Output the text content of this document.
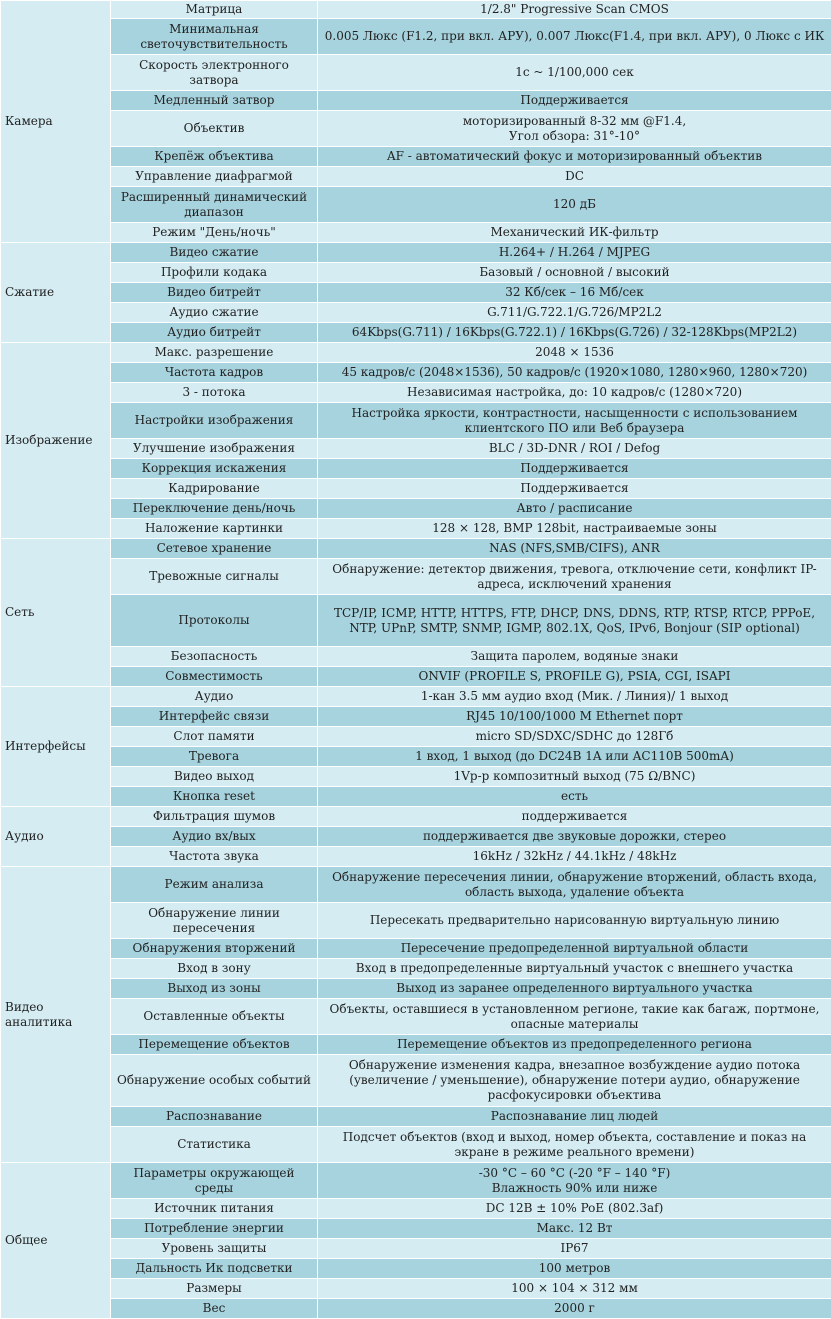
Камера	Матрица	1/2.8" Progressive Scan CMOS
	Минимальная светочувствительность	0.005 Люкс (F1.2, при вкл. АРУ), 0.007 Люкс(F1.4, при вкл. АРУ), 0 Люкс с ИК
	Скорость электронного затвора	1с ~ 1/100,000 сек
	Медленный затвор	Поддерживается
	Объектив	моторизированный 8-32 мм @F1.4,
Угол обзора: 31°-10°
	Крепёж объектива	AF - автоматический фокус и моторизированный объектив
	Управление диафрагмой	DC
	Расширенный динамический диапазон	120 дБ
	Режим "День/ночь"	Механический ИК-фильтр
Сжатие	Видео сжатие	H.264+ / H.264 / MJPEG
	Профили кодака	Базовый / основной / высокий
	Видео битрейт	32 Кб/сек – 16 Мб/сек
	Аудио сжатие	G.711/G.722.1/G.726/MP2L2
	Аудио битрейт	64Kbps(G.711) / 16Kbps(G.722.1) / 16Kbps(G.726) / 32-128Kbps(MP2L2)
Изображение	Макс. разрешение	2048 × 1536
	Частота кадров	45 кадров/с (2048×1536), 50 кадров/с (1920×1080, 1280×960, 1280×720)
	3 - потока	Независимая настройка, до: 10 кадров/с (1280×720)
	Настройки изображения	Настройка яркости, контрастности, насыщенности с использованием клиентского ПО или Веб браузера
	Улучшение изображения	BLC / 3D-DNR / ROI / Defog
	Коррекция искажения	Поддерживается
	Кадрирование	Поддерживается
	Переключение день/ночь	Авто / расписание
	Наложение картинки	128 × 128, BMP 128bit, настраиваемые зоны
Сеть	Сетевое хранение	NAS (NFS,SMB/CIFS), ANR
	Тревожные сигналы	Обнаружение: детектор движения, тревога, отключение сети, конфликт IP-адреса, исключений хранения
	Протоколы	TCP/IP, ICMP, HTTP, HTTPS, FTP, DHCP, DNS, DDNS, RTP, RTSP, RTCP, PPPoE, NTP, UPnP, SMTP, SNMP, IGMP, 802.1X, QoS, IPv6, Bonjour (SIP optional)
	Безопасность	Защита паролем, водяные знаки
	Совместимость	ONVIF (PROFILE S, PROFILE G), PSIA, CGI, ISAPI
Интерфейсы	Аудио	1-кан 3.5 мм аудио вход (Мик. / Линия)/ 1 выход
	Интерфейс связи	RJ45 10/100/1000 M Ethernet порт
	Слот памяти	micro SD/SDXC/SDHC до 128Гб
	Тревога	1 вход, 1 выход (до DC24B 1A или AC110B 500mA)
	Видео выход	1Vp-p композитный выход (75 Ω/BNC)
	Кнопка reset	есть
Аудио	Фильтрация шумов	поддерживается
	Аудио вх/вых	поддерживается две звуковые дорожки, стерео
	Частота звука	16kHz / 32kHz / 44.1kHz / 48kHz
Видео аналитика	Режим анализа	Обнаружение пересечения линии, обнаружение вторжений, область входа, область выхода, удаление объекта
	Обнаружение линии пересечения	Пересекать предварительно нарисованную виртуальную линию
	Обнаружения вторжений	Пересечение предопределенной виртуальной области
	Вход в зону	Вход в предопределенные виртуальный участок с внешнего участка
	Выход из зоны	Выход из заранее определенного виртуального участка
	Оставленные объекты	Объекты, оставшиеся в установленном регионе, такие как багаж, портмоне, опасные материалы
	Перемещение объектов	Перемещение объектов из предопределенного региона
	Обнаружение особых событий	Обнаружение изменения кадра, внезапное возбуждение аудио потока (увеличение / уменьшение), обнаружение потери аудио, обнаружение расфокусировки объектива
	Распознавание	Распознавание лиц людей
	Статистика	Подсчет объектов (вход и выход, номер объекта, составление и показ на экране в режиме реального времени)
Общее	Параметры окружающей среды	-30 °C – 60 °C (-20 °F – 140 °F)
Влажность 90% или ниже
	Источник питания	DC 12В ± 10% PoE (802.3af)
	Потребление энергии	Макс. 12 Вт
	Уровень защиты	IP67
	Дальность Ик подсветки	100 метров
	Размеры	100 × 104 × 312 мм
	Вес	2000 г
